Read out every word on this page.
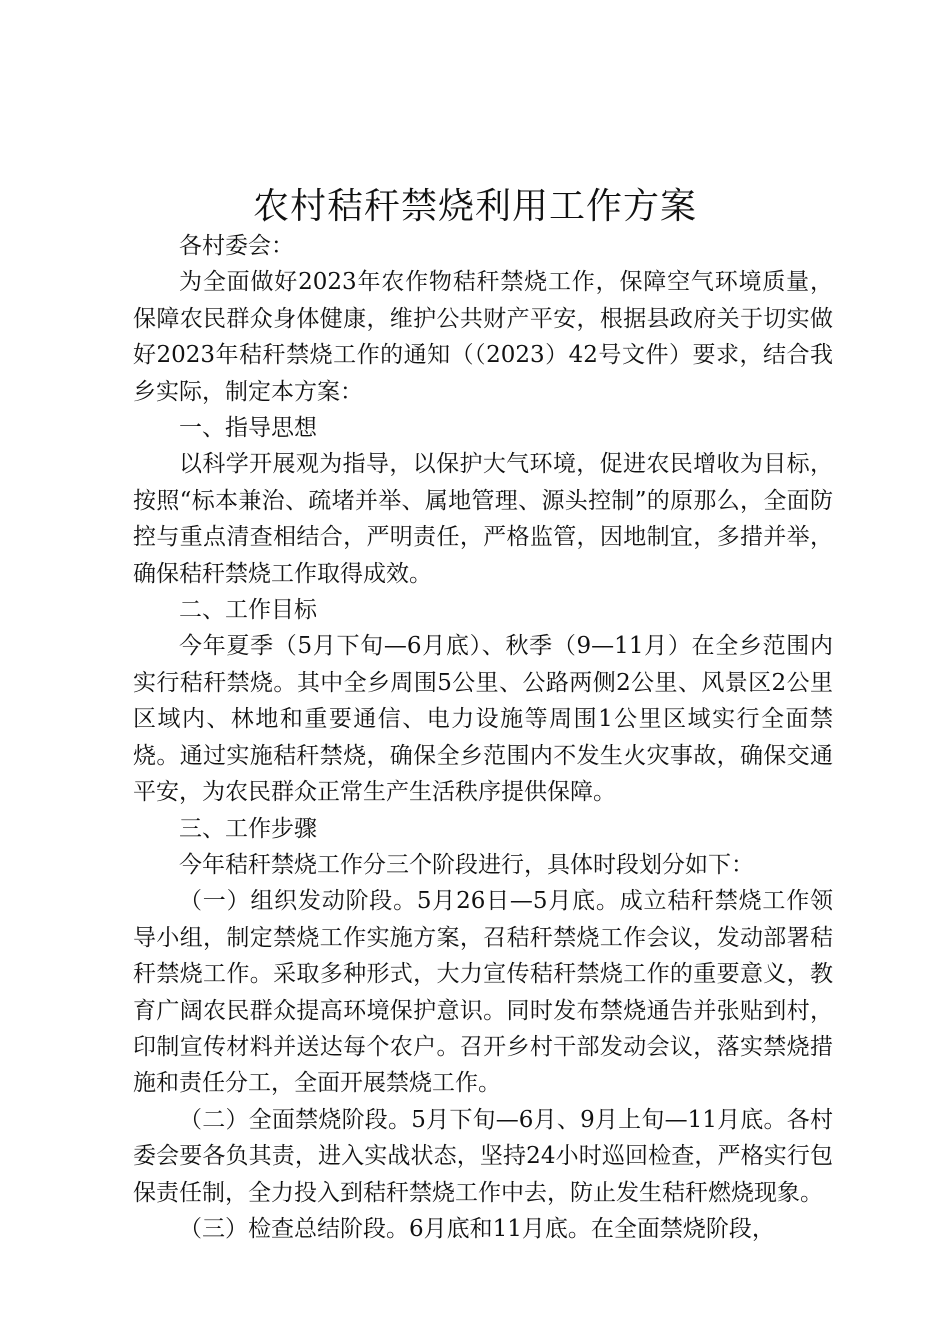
农村秸秆禁烧利用工作方案

各村委会：

为全面做好2023年农作物秸秆禁烧工作，保障空气环境质量，保障农民群众身体健康，维护公共财产平安，根据县政府关于切实做好2023年秸秆禁烧工作的通知（（2023）42号文件）要求，结合我乡实际，制定本方案：

一、指导思想

以科学开展观为指导，以保护大气环境，促进农民增收为目标，按照“标本兼治、疏堵并举、属地管理、源头控制”的原那么，全面防控与重点清查相结合，严明责任，严格监管，因地制宜，多措并举，确保秸秆禁烧工作取得成效。

二、工作目标

今年夏季（5月下旬—6月底）、秋季（9—11月）在全乡范围内实行秸秆禁烧。其中全乡周围5公里、公路两侧2公里、风景区2公里区域内、林地和重要通信、电力设施等周围1公里区域实行全面禁烧。通过实施秸秆禁烧，确保全乡范围内不发生火灾事故，确保交通平安，为农民群众正常生产生活秩序提供保障。

三、工作步骤

今年秸秆禁烧工作分三个阶段进行，具体时段划分如下：

（一）组织发动阶段。5月26日—5月底。成立秸秆禁烧工作领导小组，制定禁烧工作实施方案，召秸秆禁烧工作会议，发动部署秸秆禁烧工作。采取多种形式，大力宣传秸秆禁烧工作的重要意义，教育广阔农民群众提高环境保护意识。同时发布禁烧通告并张贴到村，印制宣传材料并送达每个农户。召开乡村干部发动会议，落实禁烧措施和责任分工，全面开展禁烧工作。

（二）全面禁烧阶段。5月下旬—6月、9月上旬—11月底。各村委会要各负其责，进入实战状态，坚持24小时巡回检查，严格实行包保责任制，全力投入到秸秆禁烧工作中去，防止发生秸秆燃烧现象。

（三）检查总结阶段。6月底和11月底。在全面禁烧阶段，
